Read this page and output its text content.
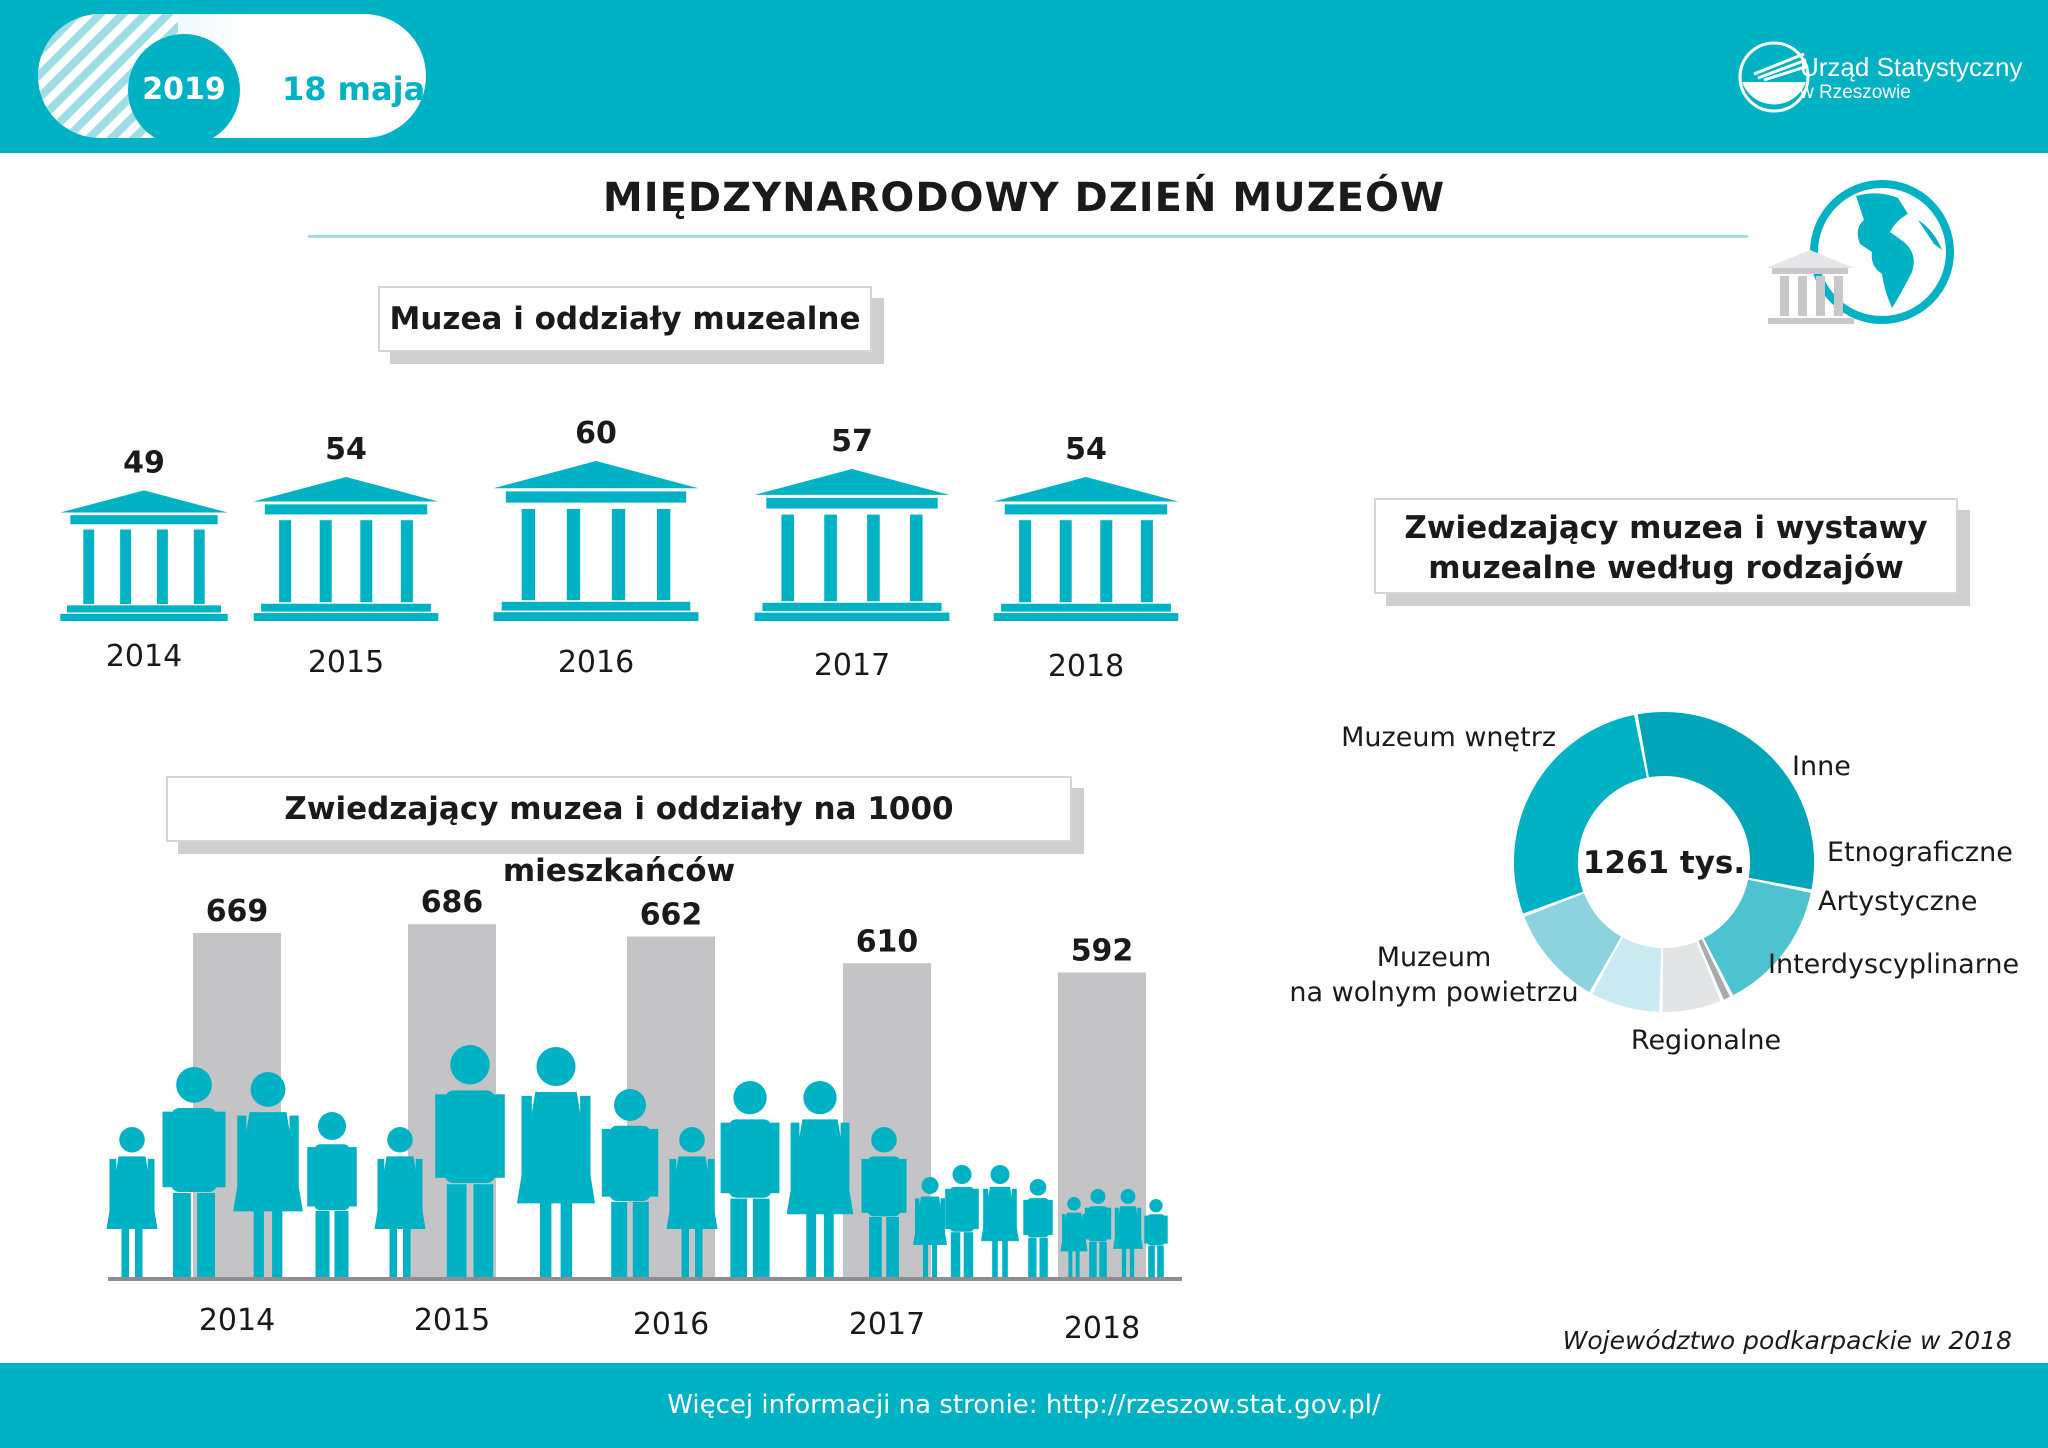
2019	18 maja
Urząd Statystyczny
w Rzeszowie
MIĘDZYNARODOWY DZIEŃ MUZEÓW
Muzea i oddziały muzealne
Zwiedzający muzea i oddziały na 1000 mieszkańców
Zwiedzający muzea i wystawy
muzealne według rodzajów
49
2014
54
2015
60
2016
57
2017
54
2018
669
2014
686
2015
662
2016
610
2017
592
2018
1261 tys.
Muzeum wnętrz
Inne
Etnograficzne
Artystyczne
Interdyscyplinarne
Regionalne
Muzeum
na wolnym powietrzu
Województwo podkarpackie w 2018
Więcej informacji na stronie: http://rzeszow.stat.gov.pl/
